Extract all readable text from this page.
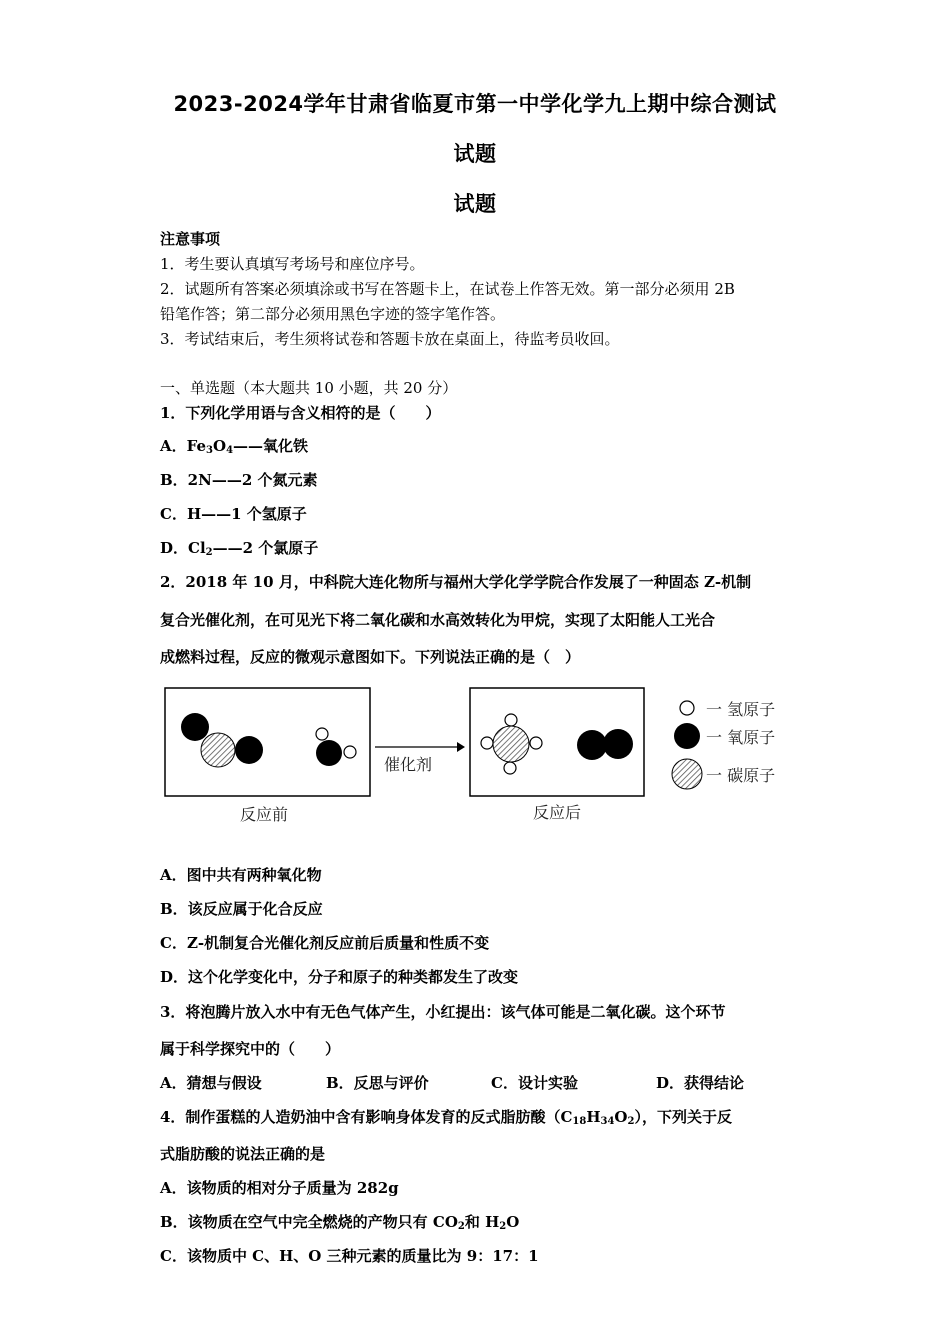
2023-2024学年甘肃省临夏市第一中学化学九上期中综合测试
试题
试题
注意事项
1．考生要认真填写考场号和座位序号。
2．试题所有答案必须填涂或书写在答题卡上，在试卷上作答无效。第一部分必须用 2B
铅笔作答；第二部分必须用黑色字迹的签字笔作答。
3．考试结束后，考生须将试卷和答题卡放在桌面上，待监考员收回。
一、单选题（本大题共 10 小题，共 20 分）
1．下列化学用语与含义相符的是（　　）
A．$Fe_3O_4——$氧化铁
B．2N——2 个氮元素
C．H——1 个氢原子
D．$Cl_2——2$ 个氯原子
2．2018 年 10 月，中科院大连化物所与福州大学化学学院合作发展了一种固态 Z-机制
复合光催化剂，在可见光下将二氧化碳和水高效转化为甲烷，实现了太阳能人工光合
成燃料过程，反应的微观示意图如下。下列说法正确的是（　）
催化剂
一 氢原子
一 氧原子
一 碳原子
反应前	反应后
A．图中共有两种氧化物
B．该反应属于化合反应
C．Z-机制复合光催化剂反应前后质量和性质不变
D．这个化学变化中，分子和原子的种类都发生了改变
3．将泡腾片放入水中有无色气体产生，小红提出：该气体可能是二氧化碳。这个环节
属于科学探究中的（　　）
A．猜想与假设	B．反思与评价	C．设计实验	D．获得结论
4．制作蛋糕的人造奶油中含有影响身体发育的反式脂肪酸$(C_{18}H_{34}O_2)$，下列关于反
式脂肪酸的说法正确的是
A．该物质的相对分子质量为 282g
B．该物质在空气中完全燃烧的产物只有 $CO_2$和 $H_2O$
C．该物质中 C、H、O 三种元素的质量比为 9：17：1
